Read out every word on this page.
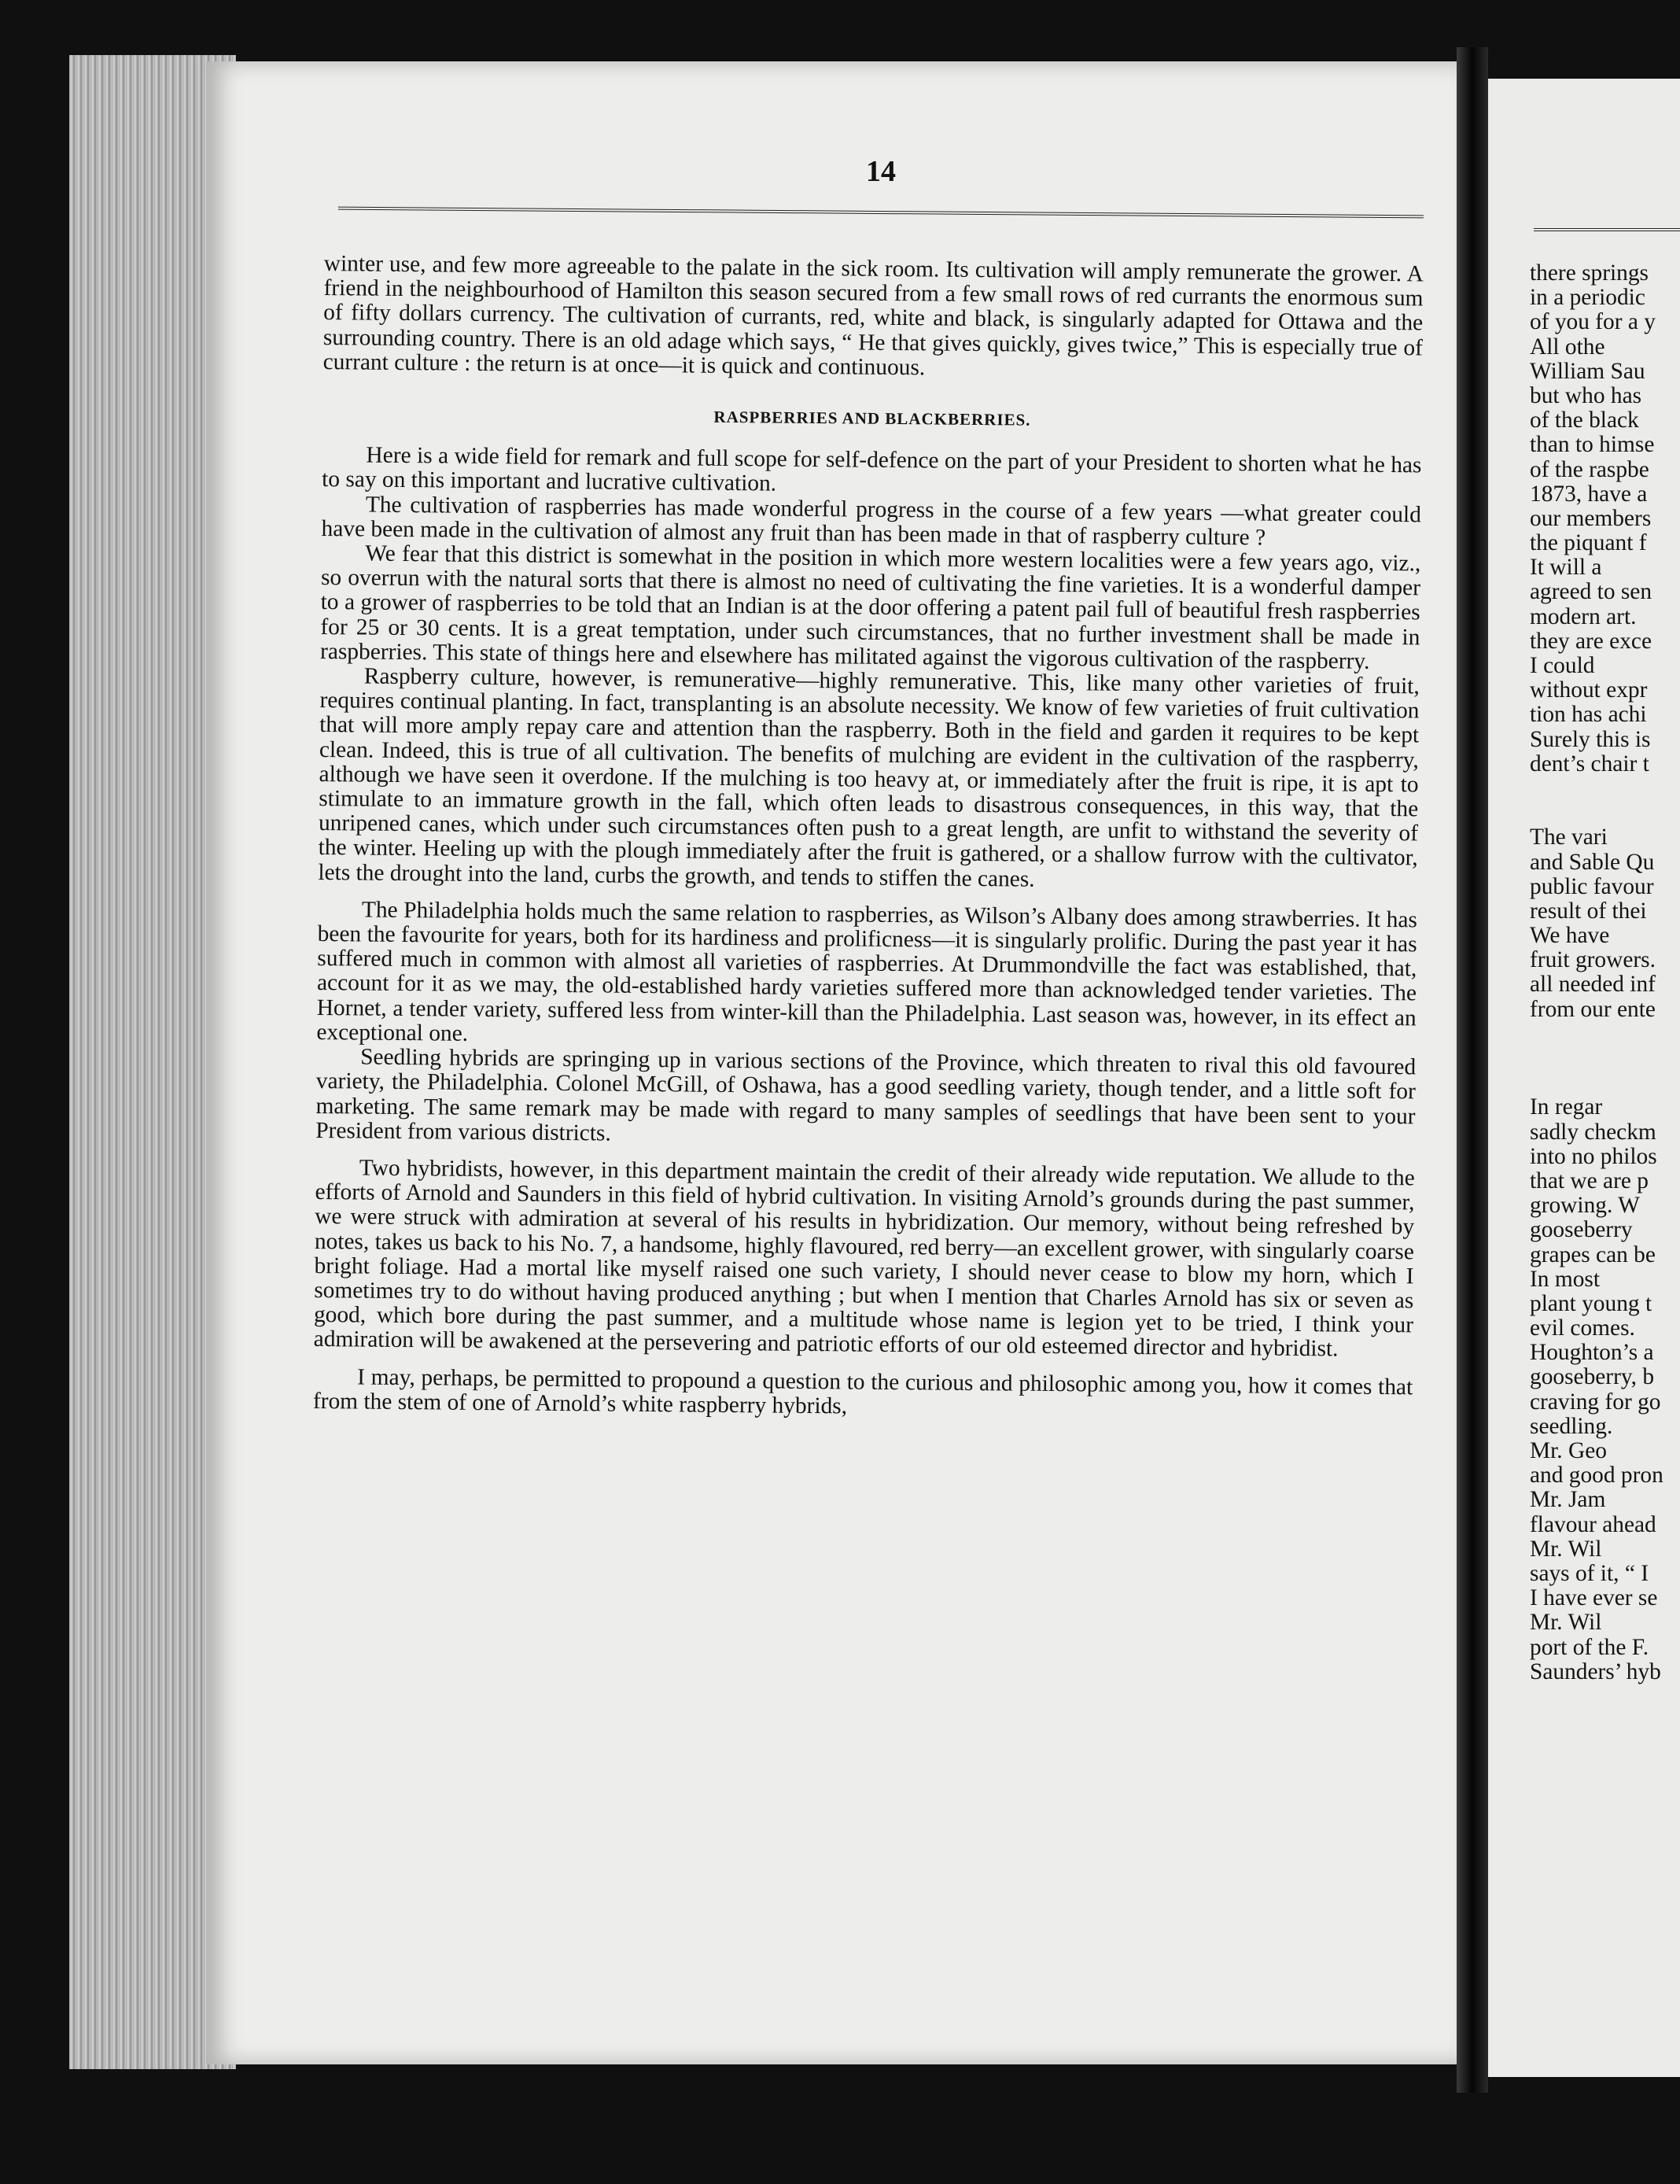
14

winter use, and few more agreeable to the palate in the sick room. Its cultivation will amply remunerate the grower. A friend in the neighbourhood of Hamilton this season secured from a few small rows of red currants the enormous sum of fifty dollars currency. The cultivation of currants, red, white and black, is singularly adapted for Ottawa and the surrounding country. There is an old adage which says, “ He that gives quickly, gives twice,” This is especially true of currant culture : the return is at once—it is quick and continuous.

RASPBERRIES AND BLACKBERRIES.

Here is a wide field for remark and full scope for self-defence on the part of your President to shorten what he has to say on this important and lucrative cultivation.

The cultivation of raspberries has made wonderful progress in the course of a few years —what greater could have been made in the cultivation of almost any fruit than has been made in that of raspberry culture ?

We fear that this district is somewhat in the position in which more western localities were a few years ago, viz., so overrun with the natural sorts that there is almost no need of cultivating the fine varieties. It is a wonderful damper to a grower of raspberries to be told that an Indian is at the door offering a patent pail full of beautiful fresh raspberries for 25 or 30 cents. It is a great temptation, under such circumstances, that no further investment shall be made in raspberries. This state of things here and elsewhere has militated against the vigorous cultivation of the raspberry.

Raspberry culture, however, is remunerative—highly remunerative. This, like many other varieties of fruit, requires continual planting. In fact, transplanting is an absolute necessity. We know of few varieties of fruit cultivation that will more amply repay care and attention than the raspberry. Both in the field and garden it requires to be kept clean. Indeed, this is true of all cultivation. The benefits of mulching are evident in the cultivation of the raspberry, although we have seen it overdone. If the mulching is too heavy at, or immediately after the fruit is ripe, it is apt to stimulate to an immature growth in the fall, which often leads to disastrous consequences, in this way, that the unripened canes, which under such circumstances often push to a great length, are unfit to withstand the severity of the winter. Heeling up with the plough immediately after the fruit is gathered, or a shallow furrow with the cultivator, lets the drought into the land, curbs the growth, and tends to stiffen the canes.

The Philadelphia holds much the same relation to raspberries, as Wilson’s Albany does among strawberries. It has been the favourite for years, both for its hardiness and prolificness—it is singularly prolific. During the past year it has suffered much in common with almost all varieties of raspberries. At Drummondville the fact was established, that, account for it as we may, the old-established hardy varieties suffered more than acknowledged tender varieties. The Hornet, a tender variety, suffered less from winter-kill than the Philadelphia. Last season was, however, in its effect an exceptional one.

Seedling hybrids are springing up in various sections of the Province, which threaten to rival this old favoured variety, the Philadelphia. Colonel McGill, of Oshawa, has a good seedling variety, though tender, and a little soft for marketing. The same remark may be made with regard to many samples of seedlings that have been sent to your President from various districts.

Two hybridists, however, in this department maintain the credit of their already wide reputation. We allude to the efforts of Arnold and Saunders in this field of hybrid cultivation. In visiting Arnold’s grounds during the past summer, we were struck with admiration at several of his results in hybridization. Our memory, without being refreshed by notes, takes us back to his No. 7, a handsome, highly flavoured, red berry—an excellent grower, with singularly coarse bright foliage. Had a mortal like myself raised one such variety, I should never cease to blow my horn, which I sometimes try to do without having produced anything ; but when I mention that Charles Arnold has six or seven as good, which bore during the past summer, and a multitude whose name is legion yet to be tried, I think your admiration will be awakened at the persevering and patriotic efforts of our old esteemed director and hybridist.

I may, perhaps, be permitted to propound a question to the curious and philosophic among you, how it comes that from the stem of one of Arnold’s white raspberry hybrids,

there springs
in a periodic
of you for a y
All othe
William Sau
but who has
of the black
than to himse
of the raspbe
1873, have a
our members
the piquant f
It will a
agreed to sen
modern art.
they are exce
I could
without expr
tion has achi
Surely this is
dent’s chair t
The vari
and Sable Qu
public favour
result of thei
We have
fruit growers.
all needed inf
from our ente
In regar
sadly checkm
into no philos
that we are p
growing. W
gooseberry
grapes can be
In most
plant young t
evil comes.
Houghton’s a
gooseberry, b
craving for go
seedling.
Mr. Geo
and good pron
Mr. Jam
flavour ahead
Mr. Wil
says of it, “ I
I have ever se
Mr. Wil
port of the F.
Saunders’ hyb
